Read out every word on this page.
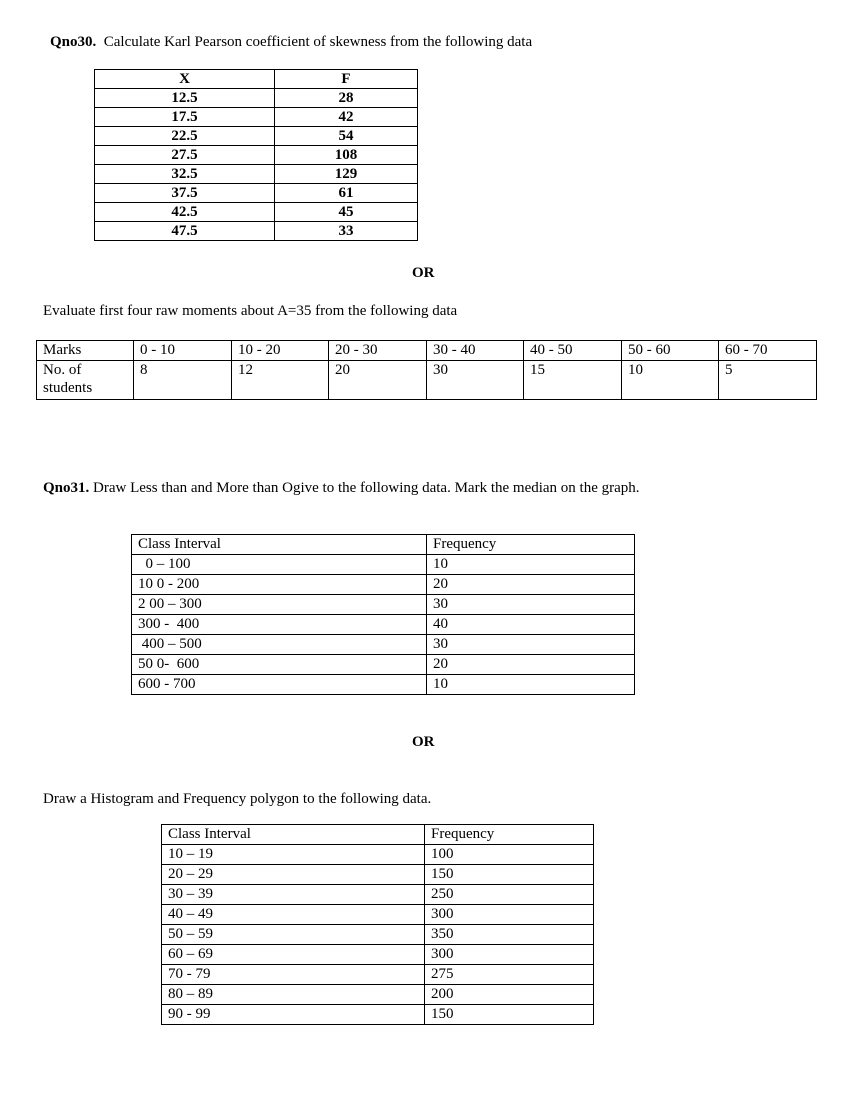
Qno30. Calculate Karl Pearson coefficient of skewness from the following data
X	F
12.5	28
17.5	42
22.5	54
27.5	108
32.5	129
37.5	61
42.5	45
47.5	33
OR
Evaluate first four raw moments about A=35 from the following data
Marks	0 - 10	10 - 20	20 - 30	30 - 40	40 - 50	50 - 60	60 - 70

No. of
students	8	12	20	30	15	10	5
Qno31. Draw Less than and More than Ogive to the following data. Mark the median on the graph.
Class Interval	Frequency
0 – 100	10
10 0 - 200	20
2 00 – 300	30
300 -  400	40
400 – 500	30
50 0-  600	20
600 - 700	10
OR
Draw a Histogram and Frequency polygon to the following data.
Class Interval	Frequency
10 – 19	100
20 – 29	150
30 – 39	250
40 – 49	300
50 – 59	350
60 – 69	300
70 - 79	275
80 – 89	200
90 - 99	150
